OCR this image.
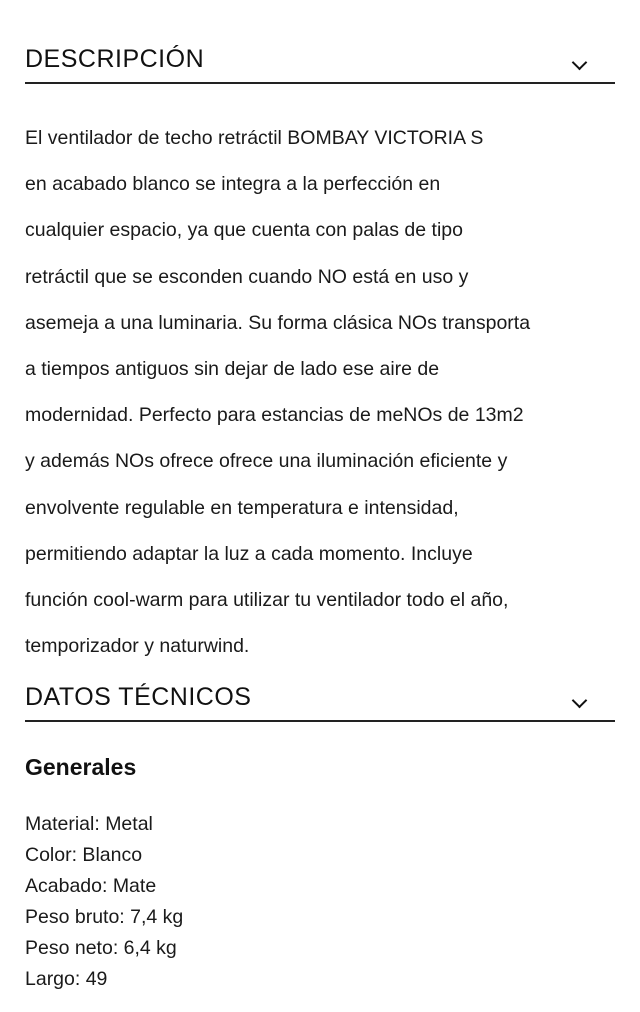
DESCRIPCIÓN
El ventilador de techo retráctil BOMBAY VICTORIA S
en acabado blanco se integra a la perfección en
cualquier espacio, ya que cuenta con palas de tipo
retráctil que se esconden cuando NO está en uso y
asemeja a una luminaria. Su forma clásica NOs transporta
a tiempos antiguos sin dejar de lado ese aire de
modernidad. Perfecto para estancias de meNOs de 13m2
y además NOs ofrece ofrece una iluminación eficiente y
envolvente regulable en temperatura e intensidad,
permitiendo adaptar la luz a cada momento. Incluye
función cool-warm para utilizar tu ventilador todo el año,
temporizador y naturwind.
DATOS TÉCNICOS
Generales
Material: Metal
Color: Blanco
Acabado: Mate
Peso bruto: 7,4 kg
Peso neto: 6,4 kg
Largo: 49
